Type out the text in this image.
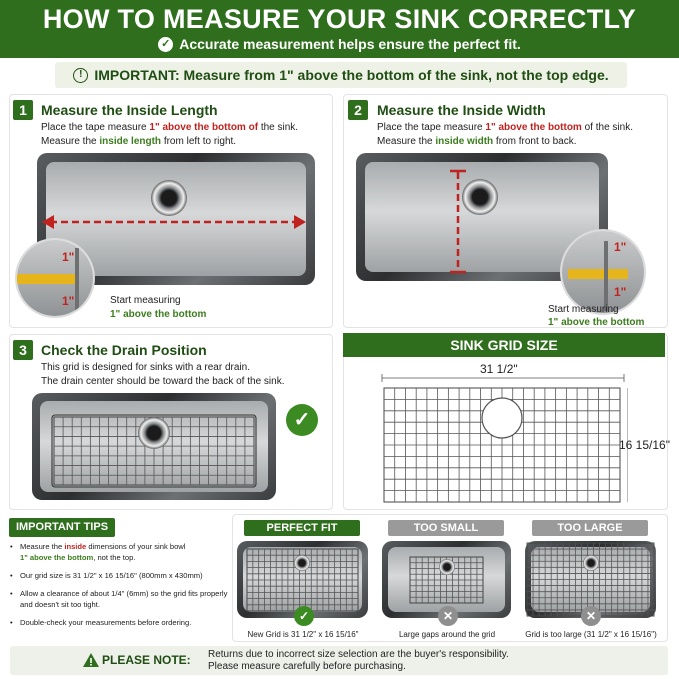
HOW TO MEASURE YOUR SINK CORRECTLY
✓ Accurate measurement helps ensure the perfect fit.
! IMPORTANT: Measure from 1" above the bottom of the sink, not the top edge.
1	Measure the Inside Length
Place the tape measure 1" above the bottom of the sink.
Measure the inside length from left to right.
1"
1"	Start measuring
1" above the bottom
2	Measure the Inside Width
Place the tape measure 1" above the bottom of the sink.
Measure the inside width from front to back.
1"
1"
Start measuring
1" above the bottom
3	Check the Drain Position
This grid is designed for sinks with a rear drain.
The drain center should be toward the back of the sink.
✓
SINK GRID SIZE
31 1/2"
16 15/16"
IMPORTANT TIPS
• Measure the inside dimensions of your sink bowl
1" above the bottom, not the top.
• Our grid size is 31 1/2" x 16 15/16" (800mm x 430mm)
• Allow a clearance of about 1/4" (6mm) so the grid fits properly and doesn't sit too tight.
• Double-check your measurements before ordering.
PERFECT FIT	TOO SMALL	TOO LARGE
✓	✕	✕
New Grid is 31 1/2" x 16 15/16"	Large gaps around the grid	Grid is too large (31 1/2" x 16 15/16")
PLEASE NOTE: Returns due to incorrect size selection are the buyer's responsibility.
Please measure carefully before purchasing.
